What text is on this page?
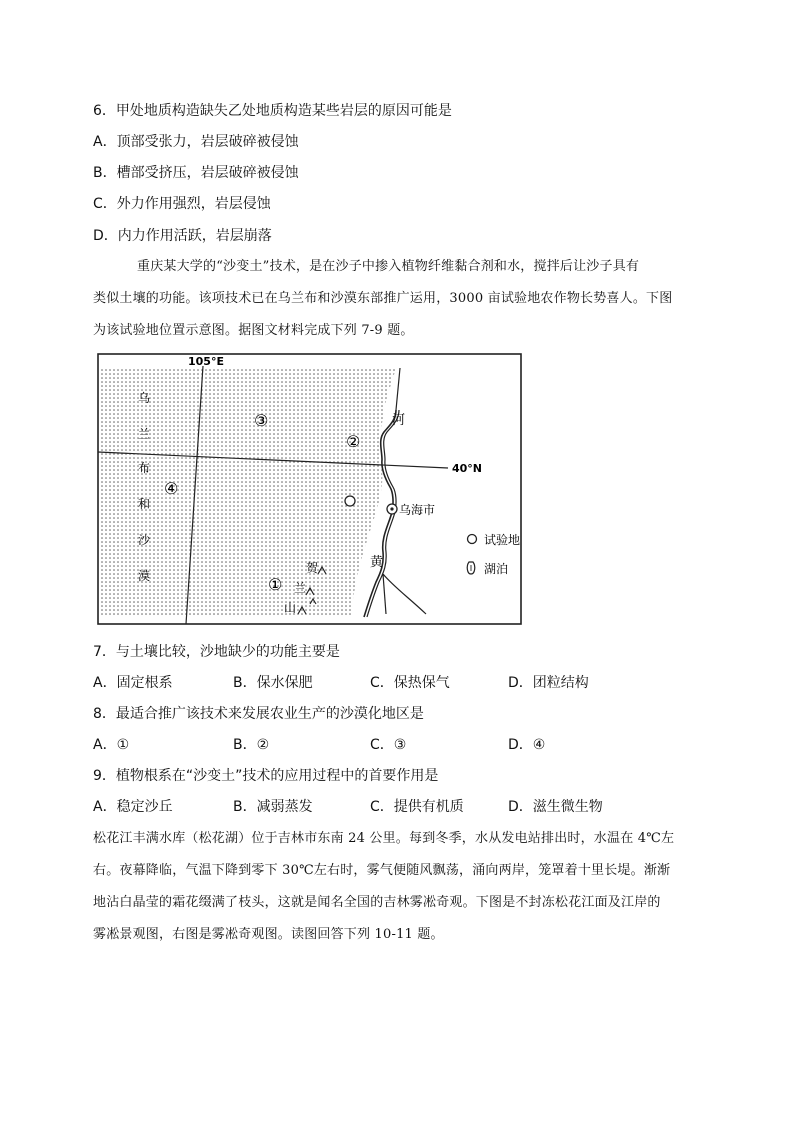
6．甲处地质构造缺失乙处地质构造某些岩层的原因可能是
A．顶部受张力，岩层破碎被侵蚀
B．槽部受挤压，岩层破碎被侵蚀
C．外力作用强烈，岩层侵蚀
D．内力作用活跃，岩层崩落
重庆某大学的“沙变土”技术，是在沙子中掺入植物纤维黏合剂和水，搅拌后让沙子具有
类似土壤的功能。该项技术已在乌兰布和沙漠东部推广运用，3000 亩试验地农作物长势喜人。下图
为该试验地位置示意图。据图文材料完成下列 7-9 题。
105°E
40°N
河
黄
乌海市
乌
兰
布
和
沙
漠
③
②
④
①
贺
兰
山
试验地
湖泊
7．与土壤比较，沙地缺少的功能主要是
A．固定根系	B．保水保肥	C．保热保气	D．团粒结构
8．最适合推广该技术来发展农业生产的沙漠化地区是
A．①	B．②	C．③	D．④
9．植物根系在“沙变土”技术的应用过程中的首要作用是
A．稳定沙丘	B．减弱蒸发	C．提供有机质	D．滋生微生物
松花江丰满水库（松花湖）位于吉林市东南 24 公里。每到冬季，水从发电站排出时，水温在 4℃左
右。夜幕降临，气温下降到零下 30℃左右时，雾气便随风飘荡，涌向两岸，笼罩着十里长堤。渐渐
地沾白晶莹的霜花缀满了枝头，这就是闻名全国的吉林雾凇奇观。下图是不封冻松花江面及江岸的
雾凇景观图，右图是雾凇奇观图。读图回答下列 10-11 题。
